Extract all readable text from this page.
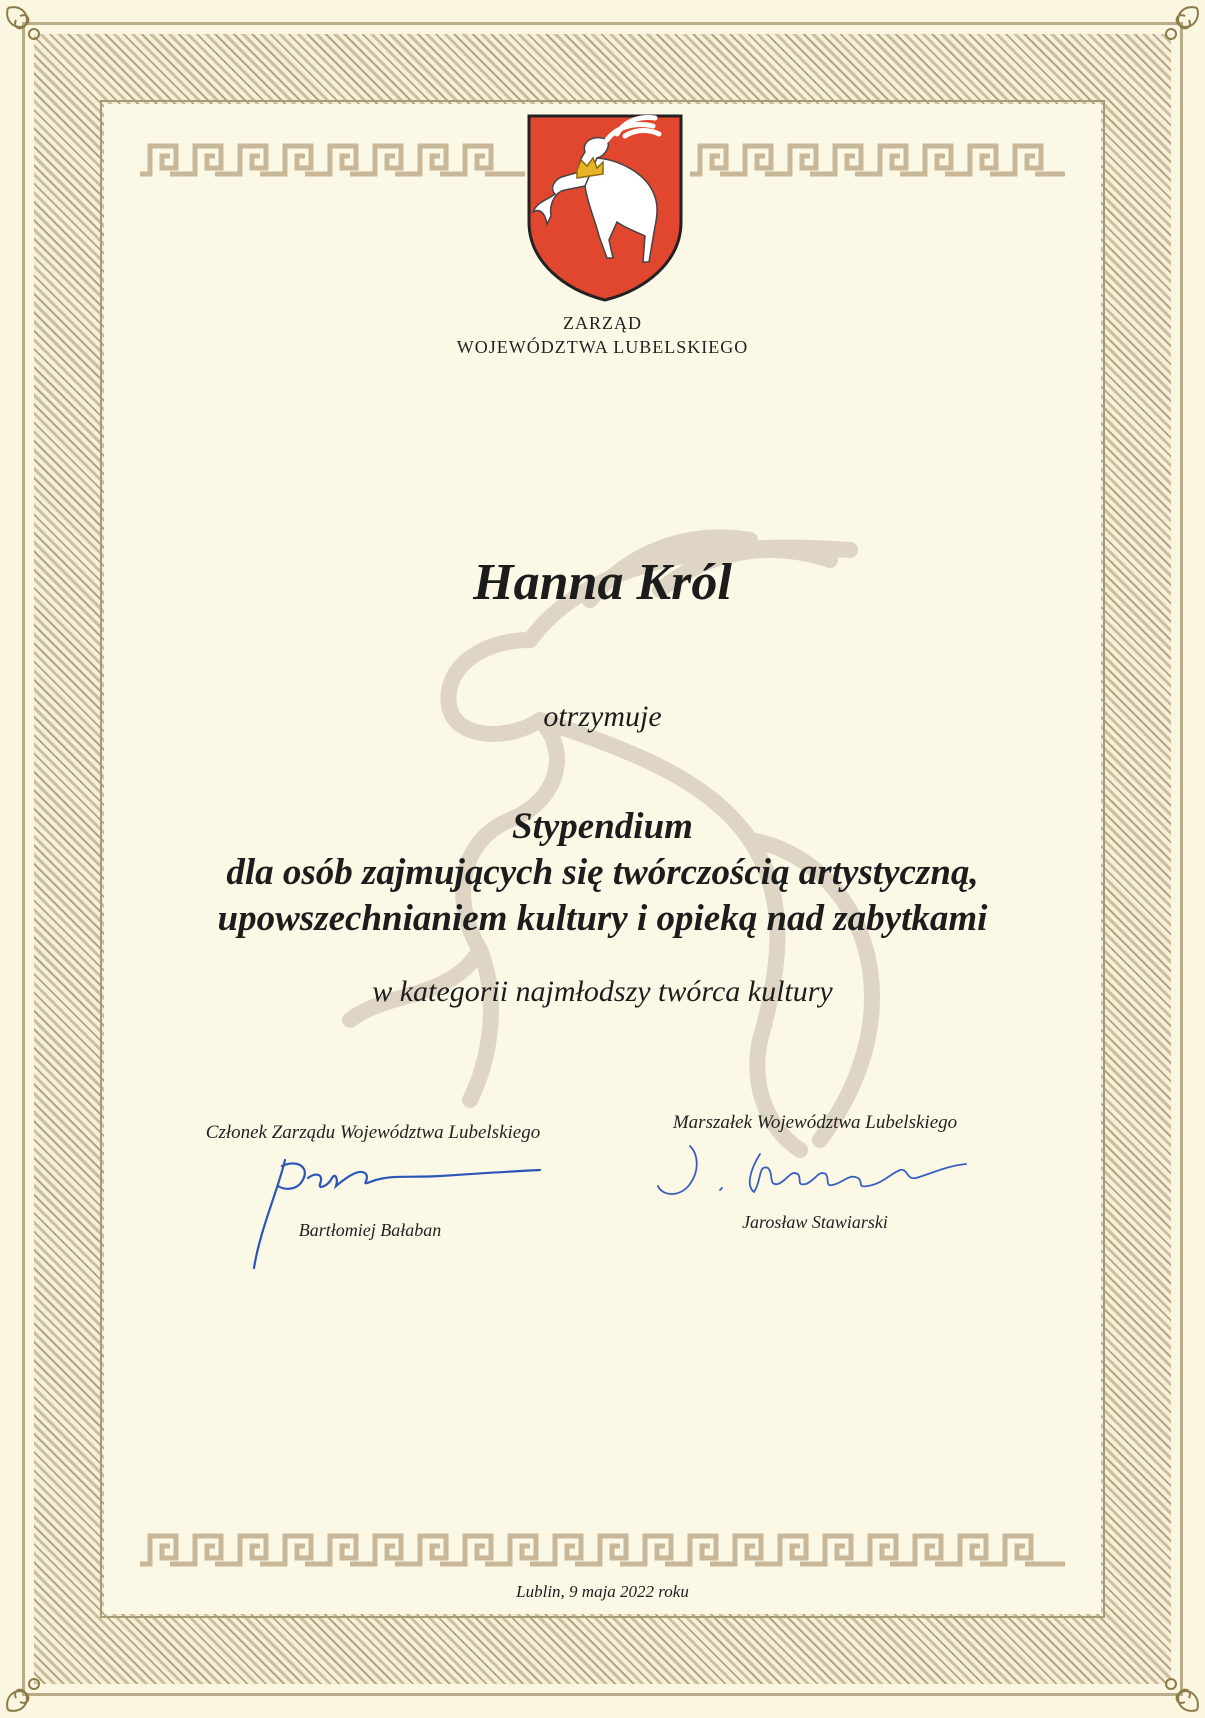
ZARZĄD
WOJEWÓDZTWA LUBELSKIEGO
Hanna Król
otrzymuje
Stypendium
dla osób zajmujących się twórczością artystyczną,
upowszechnianiem kultury i opieką nad zabytkami
w kategorii najmłodszy twórca kultury
Członek Zarządu Województwa Lubelskiego	Marszałek Województwa Lubelskiego
Bartłomiej Bałaban	Jarosław Stawiarski
Lublin, 9 maja 2022 roku
